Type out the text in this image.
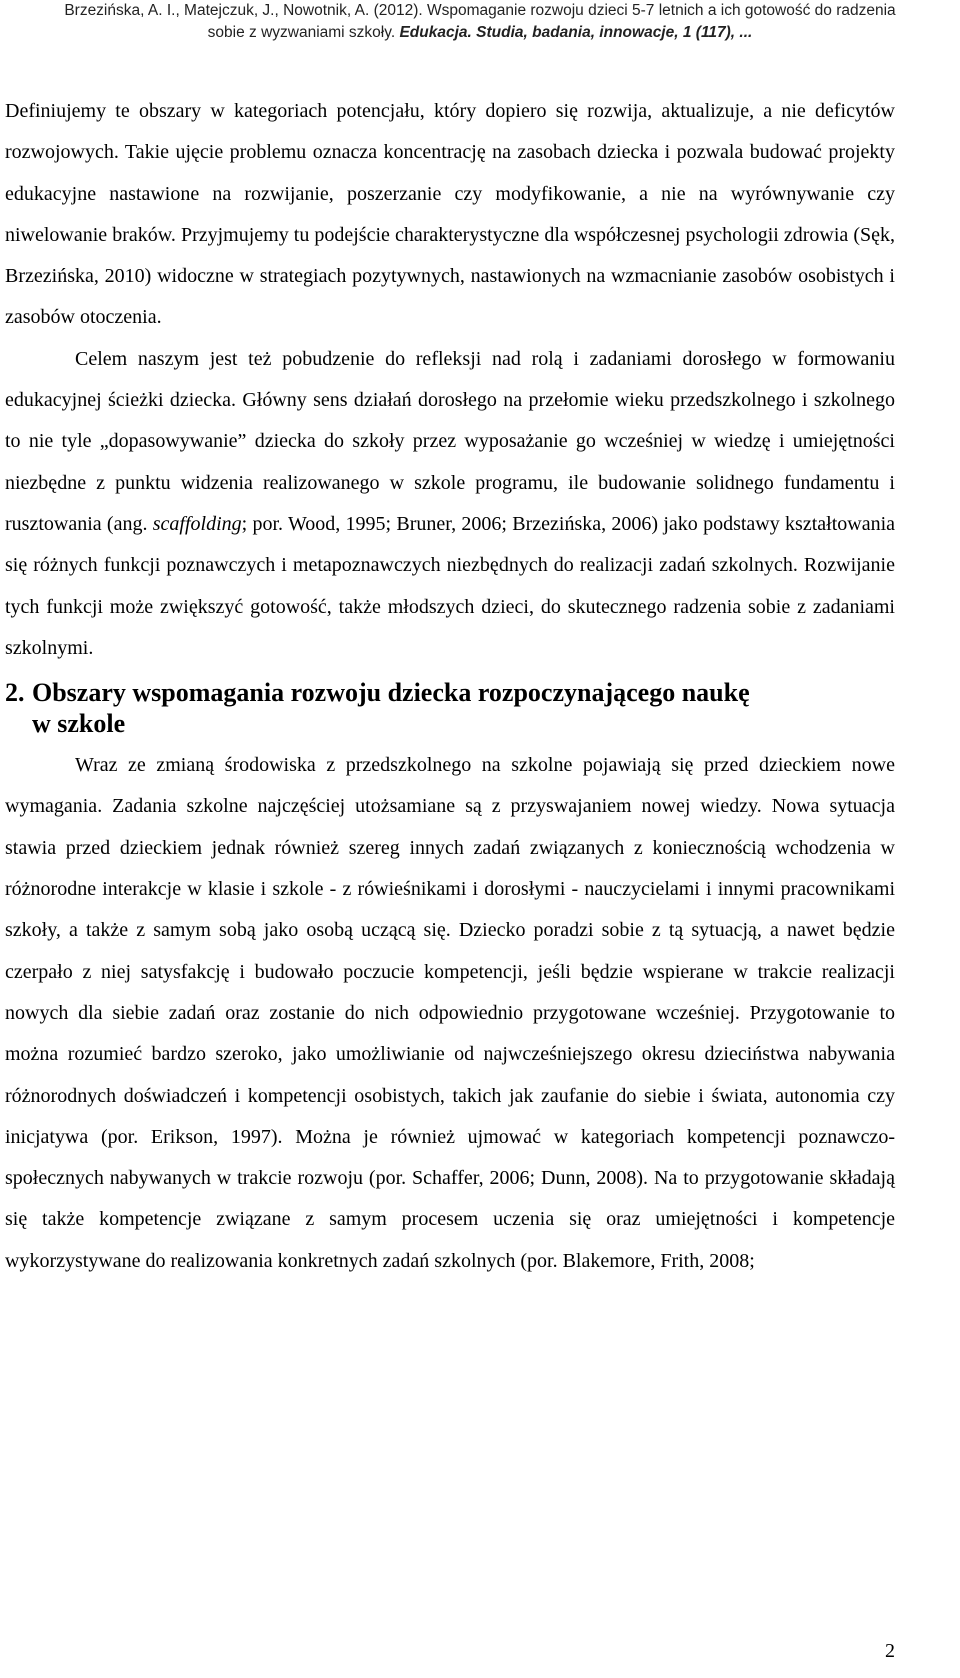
Brzezińska, A. I., Matejczuk, J., Nowotnik, A. (2012). Wspomaganie rozwoju dzieci 5-7 letnich a ich gotowość do radzenia
sobie z wyzwaniami szkoły. Edukacja. Studia, badania, innowacje, 1 (117), ...

Definiujemy te obszary w kategoriach potencjału, który dopiero się rozwija, aktualizuje, a nie deficytów rozwojowych. Takie ujęcie problemu oznacza koncentrację na zasobach dziecka i pozwala budować projekty edukacyjne nastawione na rozwijanie, poszerzanie czy modyfikowanie, a nie na wyrównywanie czy niwelowanie braków. Przyjmujemy tu podejście charakterystyczne dla współczesnej psychologii zdrowia (Sęk, Brzezińska, 2010) widoczne w strategiach pozytywnych, nastawionych na wzmacnianie zasobów osobistych i zasobów otoczenia.

Celem naszym jest też pobudzenie do refleksji nad rolą i zadaniami dorosłego w formowaniu edukacyjnej ścieżki dziecka. Główny sens działań dorosłego na przełomie wieku przedszkolnego i szkolnego to nie tyle „dopasowywanie” dziecka do szkoły przez wyposażanie go wcześniej w wiedzę i umiejętności niezbędne z punktu widzenia realizowanego w szkole programu, ile budowanie solidnego fundamentu i rusztowania (ang. scaffolding; por. Wood, 1995; Bruner, 2006; Brzezińska, 2006) jako podstawy kształtowania się różnych funkcji poznawczych i metapoznawczych niezbędnych do realizacji zadań szkolnych. Rozwijanie tych funkcji może zwiększyć gotowość, także młodszych dzieci, do skutecznego radzenia sobie z zadaniami szkolnymi.

2. Obszary wspomagania rozwoju dziecka rozpoczynającego naukę
w szkole

Wraz ze zmianą środowiska z przedszkolnego na szkolne pojawiają się przed dzieckiem nowe wymagania. Zadania szkolne najczęściej utożsamiane są z przyswajaniem nowej wiedzy. Nowa sytuacja stawia przed dzieckiem jednak również szereg innych zadań związanych z koniecznością wchodzenia w różnorodne interakcje w klasie i szkole - z rówieśnikami i dorosłymi - nauczycielami i innymi pracownikami szkoły, a także z samym sobą jako osobą uczącą się. Dziecko poradzi sobie z tą sytuacją, a nawet będzie czerpało z niej satysfakcję i budowało poczucie kompetencji, jeśli będzie wspierane w trakcie realizacji nowych dla siebie zadań oraz zostanie do nich odpowiednio przygotowane wcześniej. Przygotowanie to można rozumieć bardzo szeroko, jako umożliwianie od najwcześniejszego okresu dzieciństwa nabywania różnorodnych doświadczeń i kompetencji osobistych, takich jak zaufanie do siebie i świata, autonomia czy inicjatywa (por. Erikson, 1997). Można je również ujmować w kategoriach kompetencji poznawczo-społecznych nabywanych w trakcie rozwoju (por. Schaffer, 2006; Dunn, 2008). Na to przygotowanie składają się także kompetencje związane z samym procesem uczenia się oraz umiejętności i kompetencje wykorzystywane do realizowania konkretnych zadań szkolnych (por. Blakemore, Frith, 2008;

2
